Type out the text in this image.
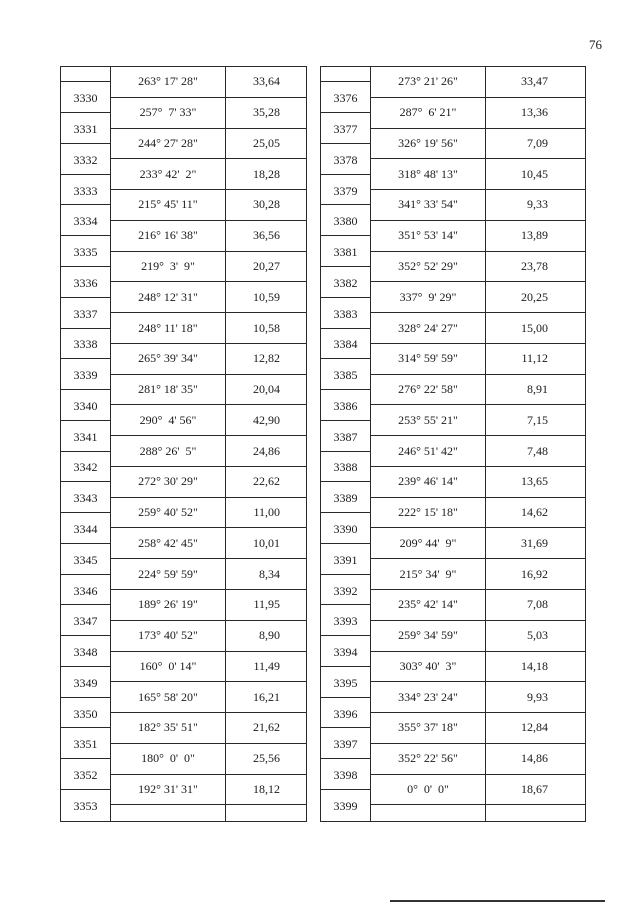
76
3330
3331
3332
3333
3334
3335
3336
3337
3338
3339
3340
3341
3342
3343
3344
3345
3346
3347
3348
3349
3350
3351
3352
3353
263° 17' 28"
257°  7' 33"
244° 27' 28"
233° 42'  2"
215° 45' 11"
216° 16' 38"
219°  3'  9"
248° 12' 31"
248° 11' 18"
265° 39' 34"
281° 18' 35"
290°  4' 56"
288° 26'  5"
272° 30' 29"
259° 40' 52"
258° 42' 45"
224° 59' 59"
189° 26' 19"
173° 40' 52"
160°  0' 14"
165° 58' 20"
182° 35' 51"
180°  0'  0"
192° 31' 31"
33,64
35,28
25,05
18,28
30,28
36,56
20,27
10,59
10,58
12,82
20,04
42,90
24,86
22,62
11,00
10,01
8,34
11,95
8,90
11,49
16,21
21,62
25,56
18,12
3376
3377
3378
3379
3380
3381
3382
3383
3384
3385
3386
3387
3388
3389
3390
3391
3392
3393
3394
3395
3396
3397
3398
3399
273° 21' 26"
287°  6' 21"
326° 19' 56"
318° 48' 13"
341° 33' 54"
351° 53' 14"
352° 52' 29"
337°  9' 29"
328° 24' 27"
314° 59' 59"
276° 22' 58"
253° 55' 21"
246° 51' 42"
239° 46' 14"
222° 15' 18"
209° 44'  9"
215° 34'  9"
235° 42' 14"
259° 34' 59"
303° 40'  3"
334° 23' 24"
355° 37' 18"
352° 22' 56"
0°  0'  0"
33,47
13,36
7,09
10,45
9,33
13,89
23,78
20,25
15,00
11,12
8,91
7,15
7,48
13,65
14,62
31,69
16,92
7,08
5,03
14,18
9,93
12,84
14,86
18,67
